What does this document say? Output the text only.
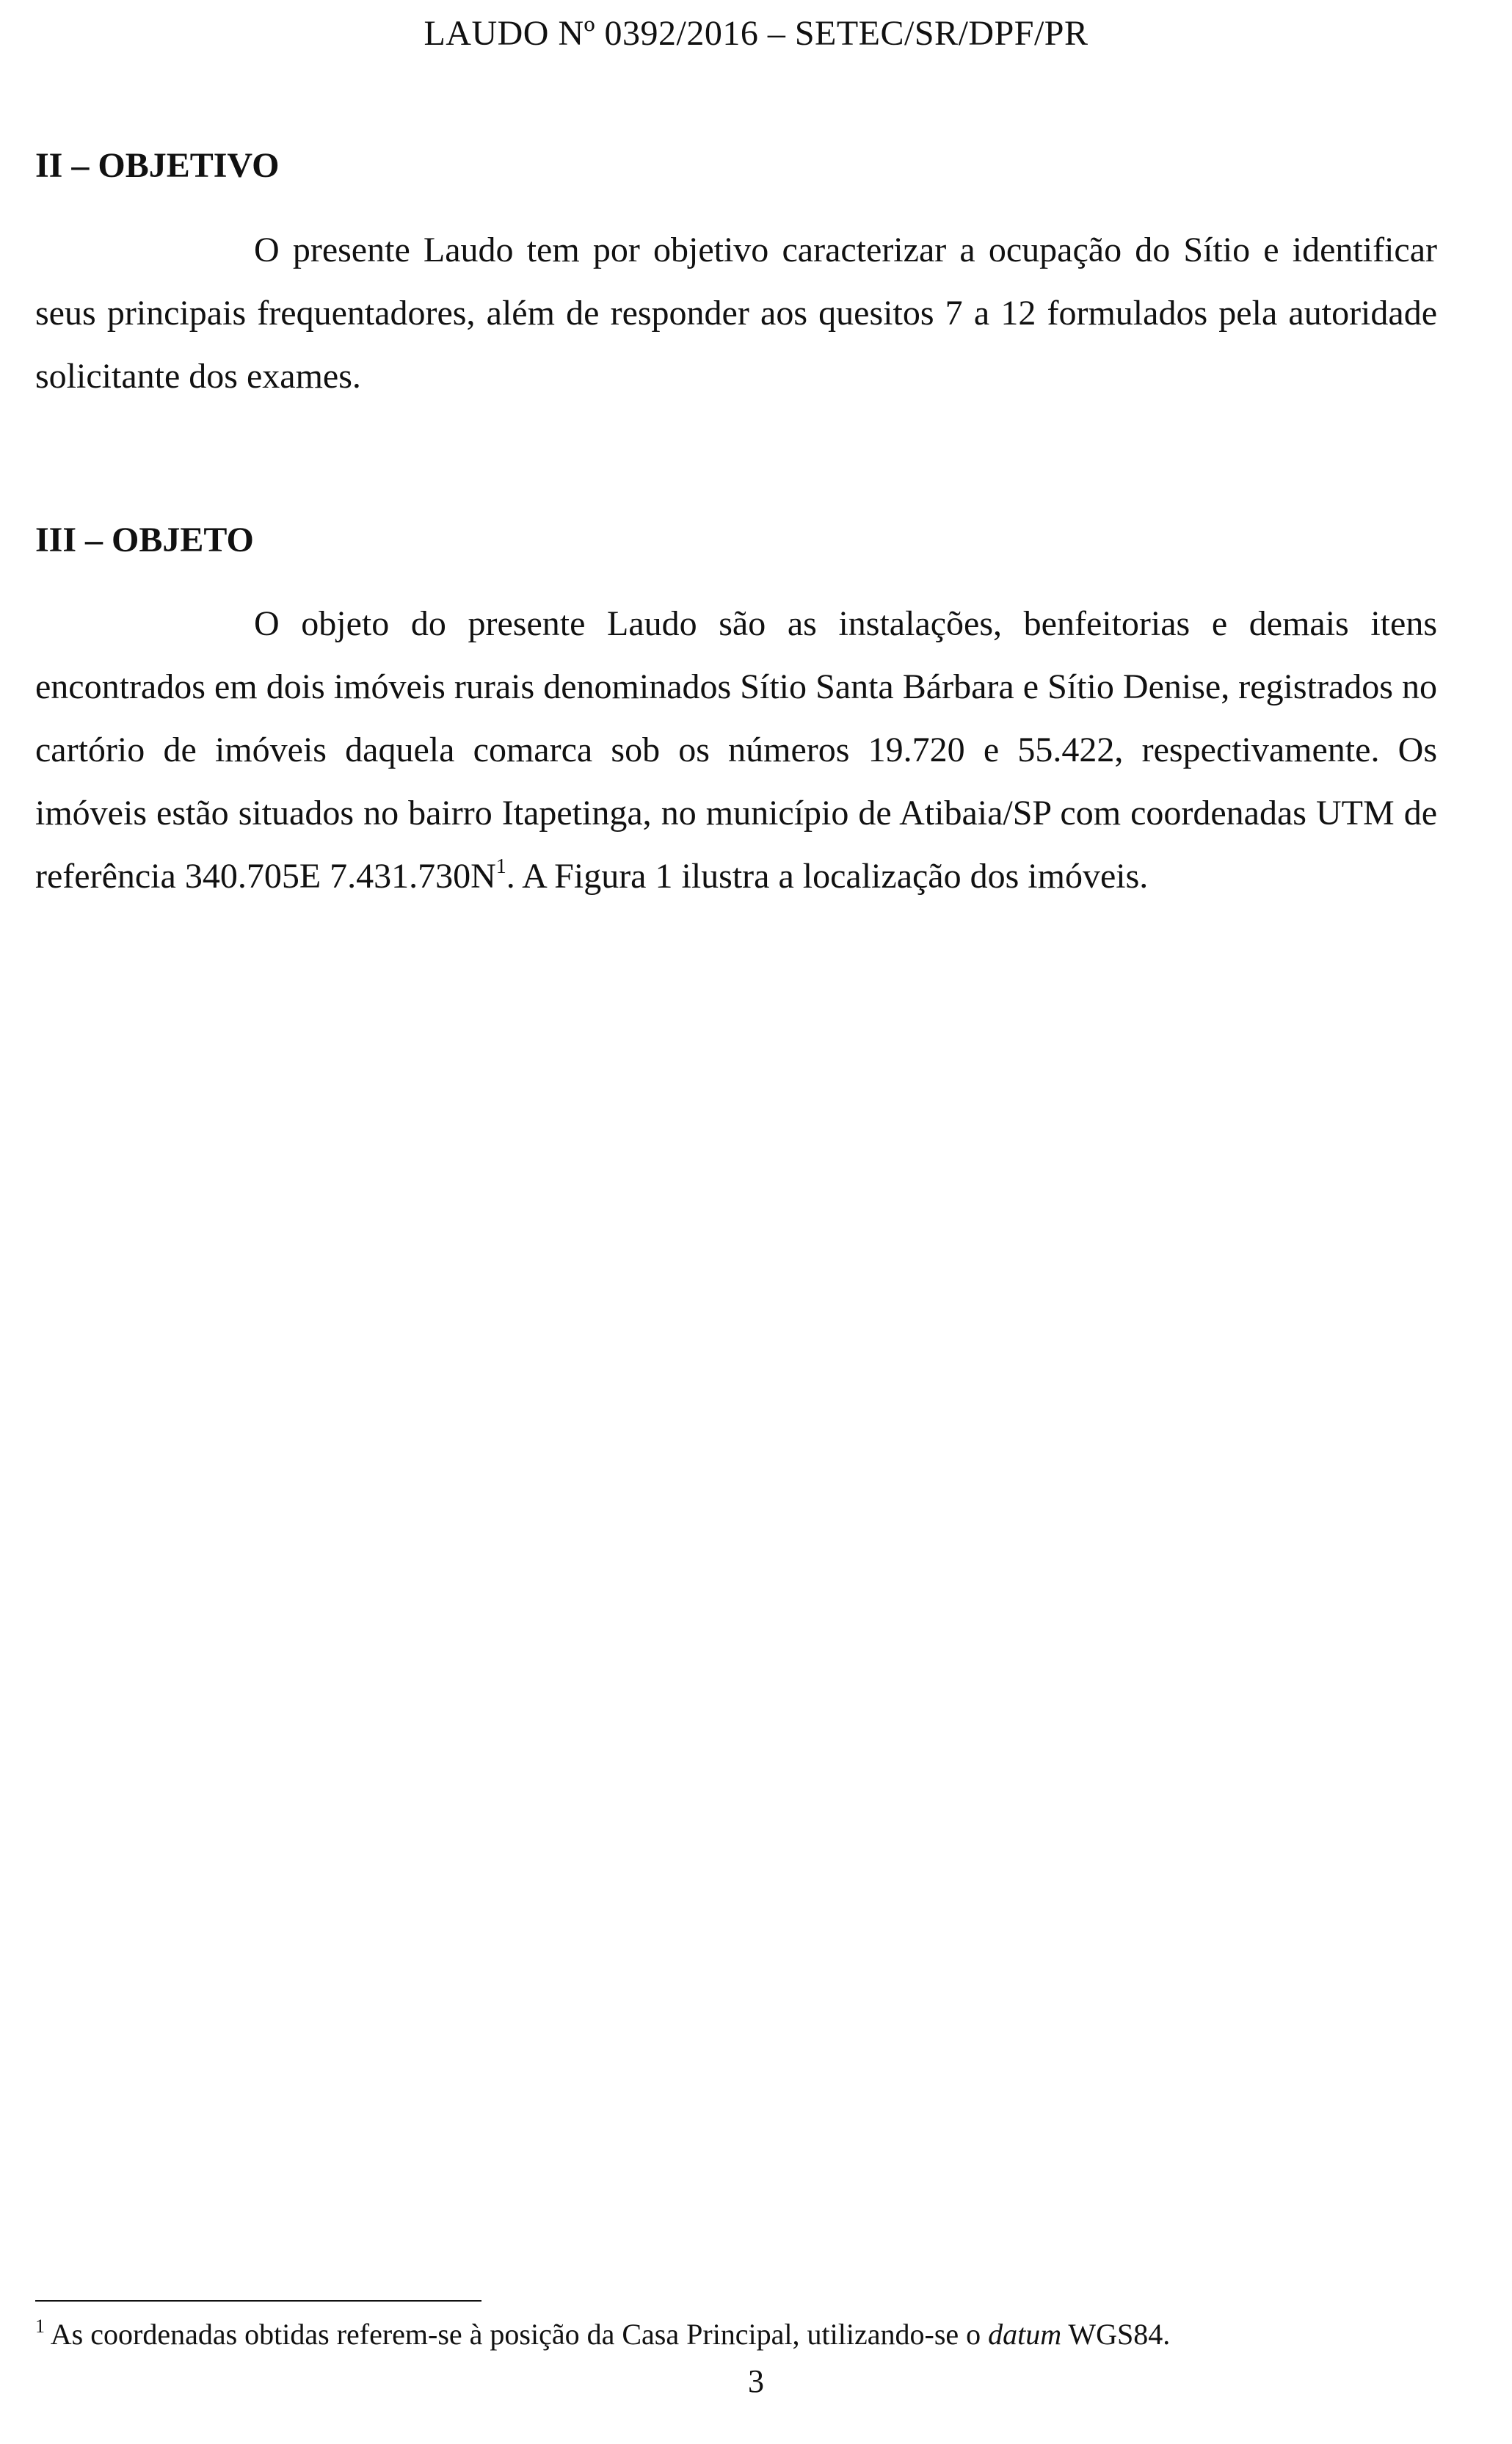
LAUDO Nº 0392/2016 – SETEC/SR/DPF/PR
II – OBJETIVO

O presente Laudo tem por objetivo caracterizar a ocupação do Sítio e identificar seus principais frequentadores, além de responder aos quesitos 7 a 12 formulados pela autoridade solicitante dos exames.

III – OBJETO

O objeto do presente Laudo são as instalações, benfeitorias e demais itens encontrados em dois imóveis rurais denominados Sítio Santa Bárbara e Sítio Denise, registrados no cartório de imóveis daquela comarca sob os números 19.720 e 55.422, respectivamente. Os imóveis estão situados no bairro Itapetinga, no município de Atibaia/SP com coordenadas UTM de referência 340.705E $7.431.730N^1$. A Figura 1 ilustra a localização dos imóveis.

$^1$ As coordenadas obtidas referem-se à posição da Casa Principal, utilizando-se o datum WGS84.
3
